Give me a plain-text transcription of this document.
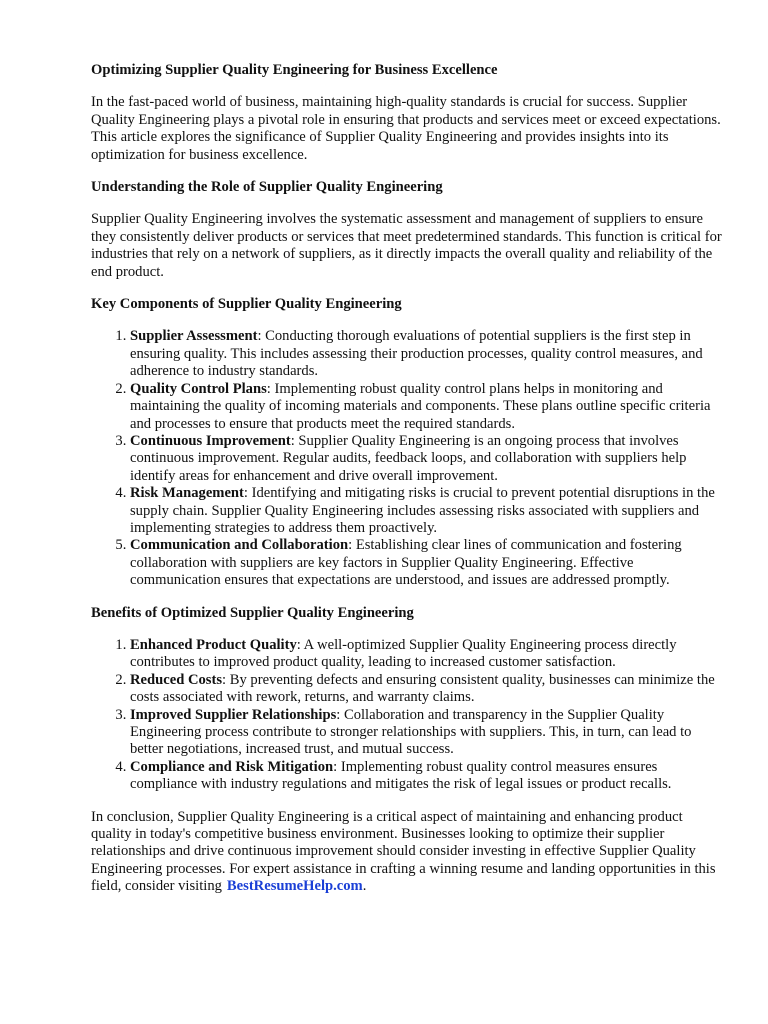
Optimizing Supplier Quality Engineering for Business Excellence

In the fast-paced world of business, maintaining high-quality standards is crucial for success. Supplier Quality Engineering plays a pivotal role in ensuring that products and services meet or exceed expectations. This article explores the significance of Supplier Quality Engineering and provides insights into its optimization for business excellence.

Understanding the Role of Supplier Quality Engineering

Supplier Quality Engineering involves the systematic assessment and management of suppliers to ensure they consistently deliver products or services that meet predetermined standards. This function is critical for industries that rely on a network of suppliers, as it directly impacts the overall quality and reliability of the end product.

Key Components of Supplier Quality Engineering
1. Supplier Assessment: Conducting thorough evaluations of potential suppliers is the first step in ensuring quality. This includes assessing their production processes, quality control measures, and adherence to industry standards.
2. Quality Control Plans: Implementing robust quality control plans helps in monitoring and maintaining the quality of incoming materials and components. These plans outline specific criteria and processes to ensure that products meet the required standards.
3. Continuous Improvement: Supplier Quality Engineering is an ongoing process that involves continuous improvement. Regular audits, feedback loops, and collaboration with suppliers help identify areas for enhancement and drive overall improvement.
4. Risk Management: Identifying and mitigating risks is crucial to prevent potential disruptions in the supply chain. Supplier Quality Engineering includes assessing risks associated with suppliers and implementing strategies to address them proactively.
5. Communication and Collaboration: Establishing clear lines of communication and fostering collaboration with suppliers are key factors in Supplier Quality Engineering. Effective communication ensures that expectations are understood, and issues are addressed promptly.
Benefits of Optimized Supplier Quality Engineering
1. Enhanced Product Quality: A well-optimized Supplier Quality Engineering process directly contributes to improved product quality, leading to increased customer satisfaction.
2. Reduced Costs: By preventing defects and ensuring consistent quality, businesses can minimize the costs associated with rework, returns, and warranty claims.
3. Improved Supplier Relationships: Collaboration and transparency in the Supplier Quality Engineering process contribute to stronger relationships with suppliers. This, in turn, can lead to better negotiations, increased trust, and mutual success.
4. Compliance and Risk Mitigation: Implementing robust quality control measures ensures compliance with industry regulations and mitigates the risk of legal issues or product recalls.

In conclusion, Supplier Quality Engineering is a critical aspect of maintaining and enhancing product quality in today's competitive business environment. Businesses looking to optimize their supplier relationships and drive continuous improvement should consider investing in effective Supplier Quality Engineering processes. For expert assistance in crafting a winning resume and landing opportunities in this field, consider visiting BestResumeHelp.com.
